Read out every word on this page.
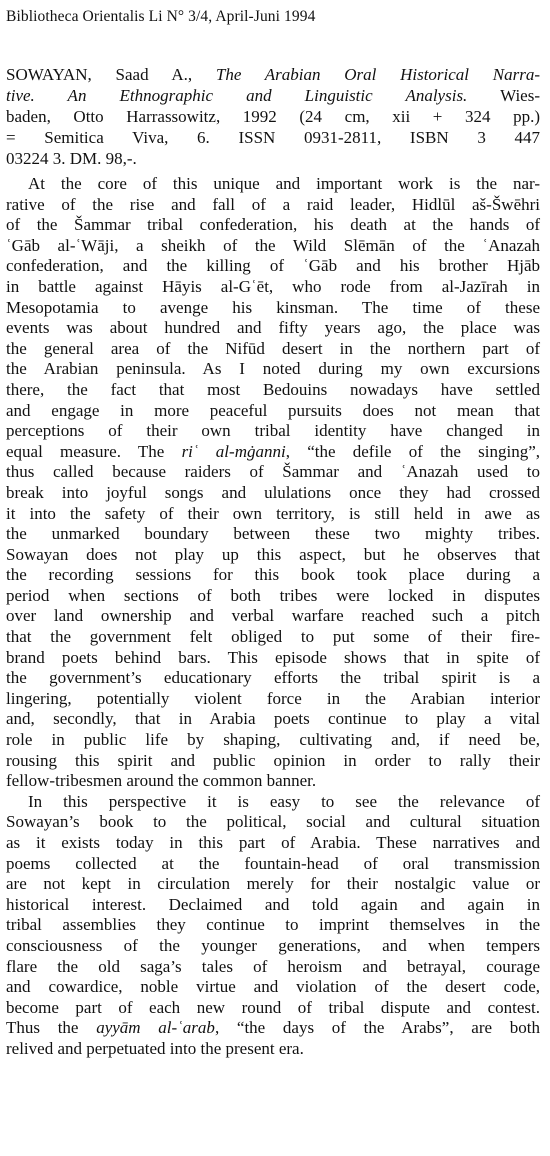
Bibliotheca Orientalis Li N° 3/4, April-Juni 1994
SOWAYAN, Saad A., The Arabian Oral Historical Narra-
tive. An Ethnographic and Linguistic Analysis. Wies-
baden, Otto Harrassowitz, 1992 (24 cm, xii + 324 pp.)
= Semitica Viva, 6. ISSN 0931-2811, ISBN 3 447
03224 3. DM. 98,-.
At the core of this unique and important work is the nar-
rative of the rise and fall of a raid leader, Hidlūl aš-Šwēhri
of the Šammar tribal confederation, his death at the hands of
ʿGāb al-ʿWāji, a sheikh of the Wild Slēmān of the ʿAnazah
confederation, and the killing of ʿGāb and his brother Hjāb
in battle against Hāyis al-Gʿēt, who rode from al-Jazīrah in
Mesopotamia to avenge his kinsman. The time of these
events was about hundred and fifty years ago, the place was
the general area of the Nifūd desert in the northern part of
the Arabian peninsula. As I noted during my own excursions
there, the fact that most Bedouins nowadays have settled
and engage in more peaceful pursuits does not mean that
perceptions of their own tribal identity have changed in
equal measure. The riʿ al-mġanni, “the defile of the singing”,
thus called because raiders of Šammar and ʿAnazah used to
break into joyful songs and ululations once they had crossed
it into the safety of their own territory, is still held in awe as
the unmarked boundary between these two mighty tribes.
Sowayan does not play up this aspect, but he observes that
the recording sessions for this book took place during a
period when sections of both tribes were locked in disputes
over land ownership and verbal warfare reached such a pitch
that the government felt obliged to put some of their fire-
brand poets behind bars. This episode shows that in spite of
the government’s educationary efforts the tribal spirit is a
lingering, potentially violent force in the Arabian interior
and, secondly, that in Arabia poets continue to play a vital
role in public life by shaping, cultivating and, if need be,
rousing this spirit and public opinion in order to rally their
fellow-tribesmen around the common banner.
In this perspective it is easy to see the relevance of
Sowayan’s book to the political, social and cultural situation
as it exists today in this part of Arabia. These narratives and
poems collected at the fountain-head of oral transmission
are not kept in circulation merely for their nostalgic value or
historical interest. Declaimed and told again and again in
tribal assemblies they continue to imprint themselves in the
consciousness of the younger generations, and when tempers
flare the old saga’s tales of heroism and betrayal, courage
and cowardice, noble virtue and violation of the desert code,
become part of each new round of tribal dispute and contest.
Thus the ayyām al-ʿarab, “the days of the Arabs”, are both
relived and perpetuated into the present era.
